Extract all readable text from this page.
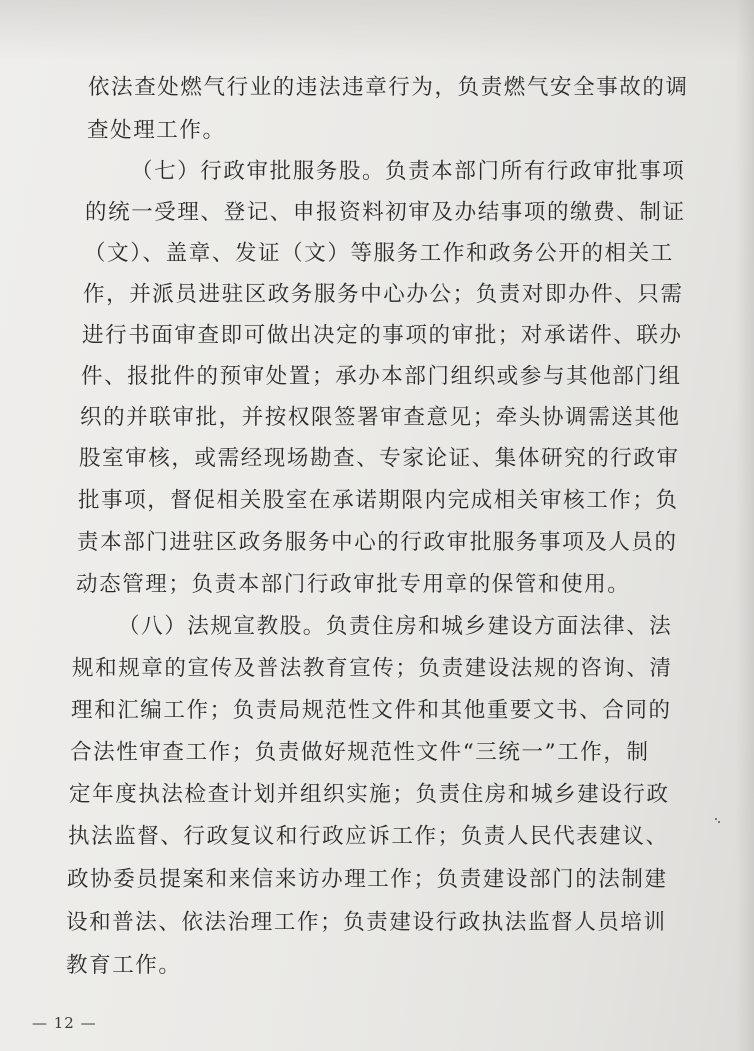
依法查处燃气行业的违法违章行为，负责燃气安全事故的调
查处理工作。
（七）行政审批服务股。负责本部门所有行政审批事项
的统一受理、登记、申报资料初审及办结事项的缴费、制证
（文）、盖章、发证（文）等服务工作和政务公开的相关工
作，并派员进驻区政务服务中心办公；负责对即办件、只需
进行书面审查即可做出决定的事项的审批；对承诺件、联办
件、报批件的预审处置；承办本部门组织或参与其他部门组
织的并联审批，并按权限签署审查意见；牵头协调需送其他
股室审核，或需经现场勘查、专家论证、集体研究的行政审
批事项，督促相关股室在承诺期限内完成相关审核工作；负
责本部门进驻区政务服务中心的行政审批服务事项及人员的
动态管理；负责本部门行政审批专用章的保管和使用。
（八）法规宣教股。负责住房和城乡建设方面法律、法
规和规章的宣传及普法教育宣传；负责建设法规的咨询、清
理和汇编工作；负责局规范性文件和其他重要文书、合同的
合法性审查工作；负责做好规范性文件“三统一”工作，制
定年度执法检查计划并组织实施；负责住房和城乡建设行政
执法监督、行政复议和行政应诉工作；负责人民代表建议、
政协委员提案和来信来访办理工作；负责建设部门的法制建
设和普法、依法治理工作；负责建设行政执法监督人员培训
教育工作。
— 12 —
